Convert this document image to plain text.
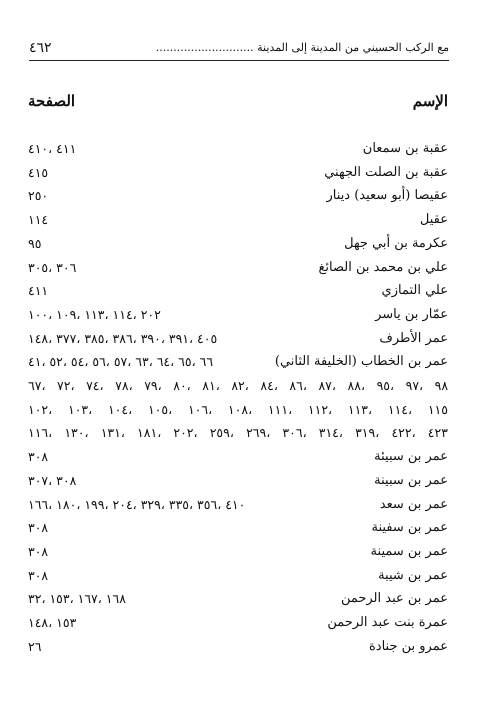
٤٦٢	مع الركب الحسيني من المدينة إلى المدينة ............................
الإسم
الصفحة
عقبة بن سمعان
٤١١ ،٤١٠
عقبة بن الصلت الجهني
٤١٥
عقيصا (أبو سعيد) دينار
٢٥٠
عقيل
١١٤
عكرمة بن أبي جهل
٩٥
علي بن محمد بن الصائغ
٣٠٦ ،٣٠٥
علي التمازي
٤١١
عمّار بن ياسر
٢٠٢ ،١١٤ ،١١٣ ،١٠٩ ،١٠٠
عمر الأطرف
٤٠٥ ،٣٩١ ،٣٩٠ ،٣٨٦ ،٣٨٥ ،٣٧٧ ،١٤٨
عمر بن الخطاب (الخليفة الثاني)
٦٦ ،٦٥ ،٦٤ ،٦٣ ،٥٧ ،٥٦ ،٥٤ ،٥٢ ،٤١
٩٨ ،٩٧ ،٩٥ ،٨٨ ،٨٧ ،٨٦ ،٨٤ ،٨٢ ،٨١ ،٨٠ ،٧٩ ،٧٨ ،٧٤ ،٧٢ ،٦٧
١١٥ ،١١٤ ،١١٣ ،١١٢ ،١١١ ،١٠٨ ،١٠٦ ،١٠٥ ،١٠٤ ،١٠٣ ،١٠٢
٤٢٣ ،٤٢٢ ،٣١٩ ،٣١٤ ،٣٠٦ ،٢٦٩ ،٢٥٩ ،٢٠٢ ،١٨١ ،١٣١ ،١٣٠ ،١١٦
عمر بن سبيئة
٣٠٨
عمر بن سبينة
٣٠٨ ،٣٠٧
عمر بن سعد
٤١٠ ،٣٥٦ ،٣٣٥ ،٣٢٩ ،٢٠٤ ،١٩٩ ،١٨٠ ،١٦٦
عمر بن سفينة
٣٠٨
عمر بن سمينة
٣٠٨
عمر بن شيبة
٣٠٨
عمر بن عبد الرحمن
١٦٨ ،١٦٧ ،١٥٣ ،٣٢
عمرة بنت عبد الرحمن
١٥٣ ،١٤٨
عمرو بن جنادة
٢٦
